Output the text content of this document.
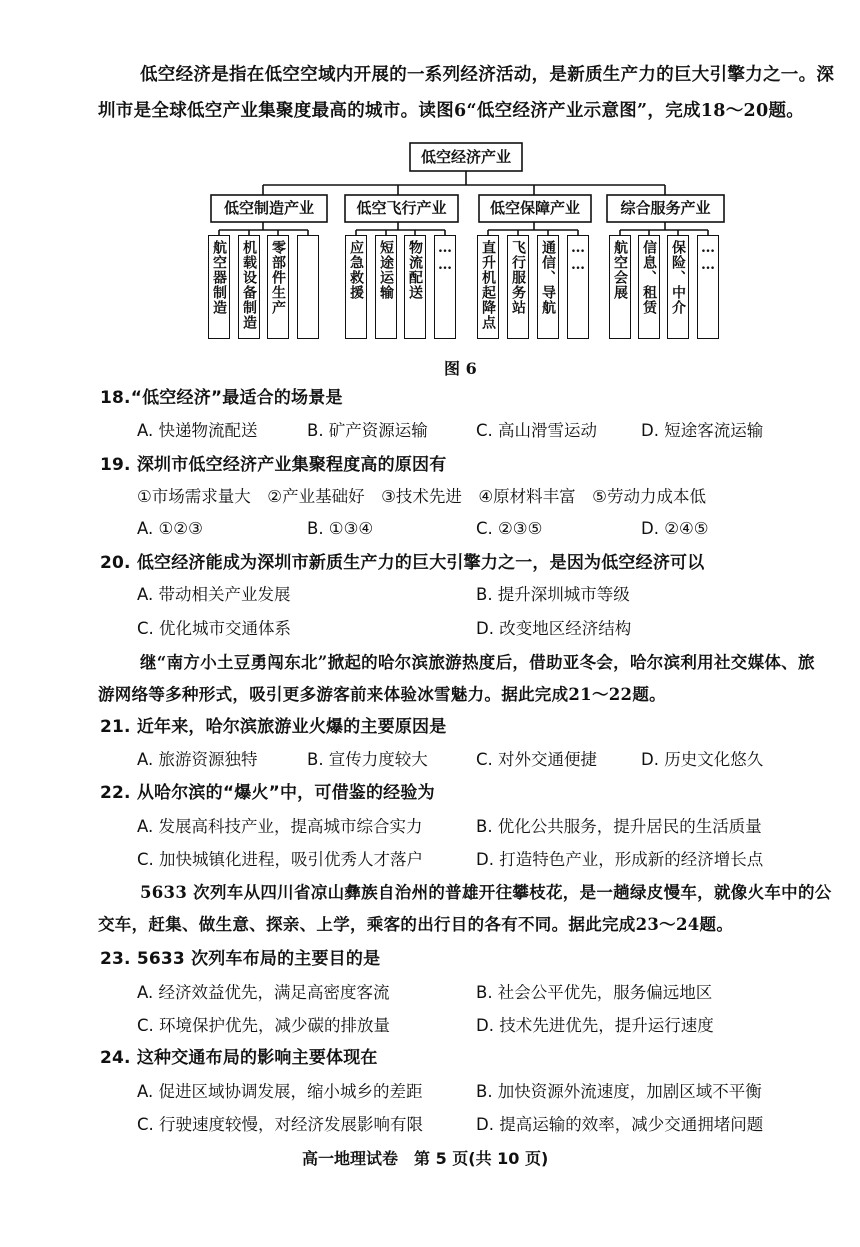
低空经济是指在低空空域内开展的一系列经济活动，是新质生产力的巨大引擎力之一。深
圳市是全球低空产业集聚度最高的城市。读图6“低空经济产业示意图”，完成18～20题。
低空经济产业
低空制造产业	低空飞行产业	低空保障产业	综合服务产业
航空器制造 机载设备制造 零部件生产	应急救援 短途运输 物流配送 …… 直升机起降点 飞行服务站 通信、导航 …… 航空会展 信息、租赁 保险、中介 ……
图 6
18.“低空经济”最适合的场景是
A. 快递物流配送	B. 矿产资源运输	C. 高山滑雪运动	D. 短途客流运输
19. 深圳市低空经济产业集聚程度高的原因有
①市场需求量大　②产业基础好　③技术先进　④原材料丰富　⑤劳动力成本低
A. ①②③	B. ①③④	C. ②③⑤	D. ②④⑤
20. 低空经济能成为深圳市新质生产力的巨大引擎力之一，是因为低空经济可以
A. 带动相关产业发展	B. 提升深圳城市等级
C. 优化城市交通体系	D. 改变地区经济结构
继“南方小土豆勇闯东北”掀起的哈尔滨旅游热度后，借助亚冬会，哈尔滨利用社交媒体、旅
游网络等多种形式，吸引更多游客前来体验冰雪魅力。据此完成21～22题。
21. 近年来，哈尔滨旅游业火爆的主要原因是
A. 旅游资源独特	B. 宣传力度较大	C. 对外交通便捷	D. 历史文化悠久
22. 从哈尔滨的“爆火”中，可借鉴的经验为
A. 发展高科技产业，提高城市综合实力	B. 优化公共服务，提升居民的生活质量
C. 加快城镇化进程，吸引优秀人才落户	D. 打造特色产业，形成新的经济增长点
5633 次列车从四川省凉山彝族自治州的普雄开往攀枝花，是一趟绿皮慢车，就像火车中的公
交车，赶集、做生意、探亲、上学，乘客的出行目的各有不同。据此完成23～24题。
23. 5633 次列车布局的主要目的是
A. 经济效益优先，满足高密度客流	B. 社会公平优先，服务偏远地区
C. 环境保护优先，减少碳的排放量	D. 技术先进优先，提升运行速度
24. 这种交通布局的影响主要体现在
A. 促进区域协调发展，缩小城乡的差距	B. 加快资源外流速度，加剧区域不平衡
C. 行驶速度较慢，对经济发展影响有限	D. 提高运输的效率，减少交通拥堵问题
高一地理试卷　第 5 页(共 10 页)
